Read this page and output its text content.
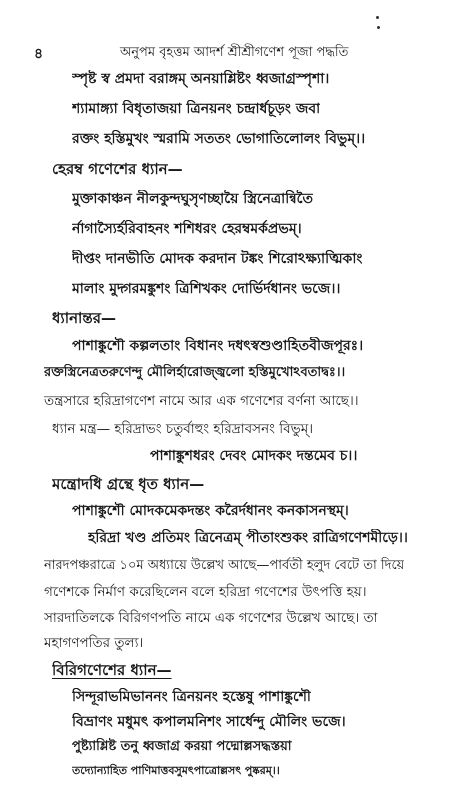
৪	অনুপম বৃহত্তম আদর্শ শ্রীশ্রীগণেশ পূজা পদ্ধতি
স্পৃষ্ট স্ব প্রমদা বরাঙ্গম্ অনয়াশ্লিষ্টং ধ্বজাগ্রস্পৃশা।
শ্যামাঙ্গ্যা বিধৃতাজয়া ত্রিনয়নং চন্দ্রার্ধচূড়ং জবা
রক্তং হস্তিমুখং স্মরামি সততং ভোগাতিলোলং বিভুম্।।
হেরম্ব গণেশের ধ্যান—
মুক্তাকাঞ্চন নীলকুন্দঘুসৃণচ্ছায়ৈ স্ত্রিনেত্রান্বিতৈ
র্নাগাস্যৈর্হরিবাহনং শশিধরং হেরম্বমর্কপ্রভম্।
দীপ্তং দানভীতি মোদক করদান টঙ্কং শিরোঽক্ষ্যাত্মিকাং
মালাং মুদ্গরমঙ্কুশং ত্রিশিখকং দোর্ভির্দধানং ভজে।।
ধ্যানান্তর—
পাশাঙ্কুশৌ কল্পলতাং বিধানং দধৎস্বশুণ্ডাহিতবীজপূরঃ।
রক্তস্ত্রিনেত্রতরুণেন্দু মৌলির্হারোজ্জ্বলো হস্তিমুখোঽবতাদ্বঃ।।
তন্ত্রসারে হরিদ্রাগণেশ নামে আর এক গণেশের বর্ণনা আছে।।
ধ্যান মন্ত্র— হরিদ্রাভং চতুর্বাহুং হরিদ্রাবসনং বিভুম্।
পাশাঙ্কুশধরং দেবং মোদকং দন্তমেব চ।।
মন্ত্রোদধি গ্রন্থে ধৃত ধ্যান—
পাশাঙ্কুশৌ মোদকমেকদন্তং করৈর্দধানং কনকাসনস্থম্।
হরিদ্রা খণ্ড প্রতিমং ত্রিনেত্রম্ পীতাংশুকং রাত্রিগণেশমীড়ে।।
নারদপঞ্চরাত্রে ১০ম অধ্যায়ে উল্লেখ আছে—পার্বতী হলুদ বেটে তা দিয়ে
গণেশকে নির্মাণ করেছিলেন বলে হরিদ্রা গণেশের উৎপত্তি হয়।
সারদাতিলকে বিরিগণপতি নামে এক গণেশের উল্লেখ আছে। তা
মহাগণপতির তুল্য।
বিরিগণেশের ধ্যান—
সিন্দূরাভমিভাননং ত্রিনয়নং হস্তেষু পাশাঙ্কুশৌ
বিভ্রাণং মধুমৎ কপালমনিশং সার্ধেন্দু মৌলিং ভজে।
পুষ্ট্যাশ্লিষ্ট তনু ধ্বজাগ্র করয়া পদ্মোল্লসদ্ধস্তয়া
তদ্যোন্যাহিত পাণিমাত্তবসুমৎপাত্রোল্লসৎ পুষ্করম্।।
